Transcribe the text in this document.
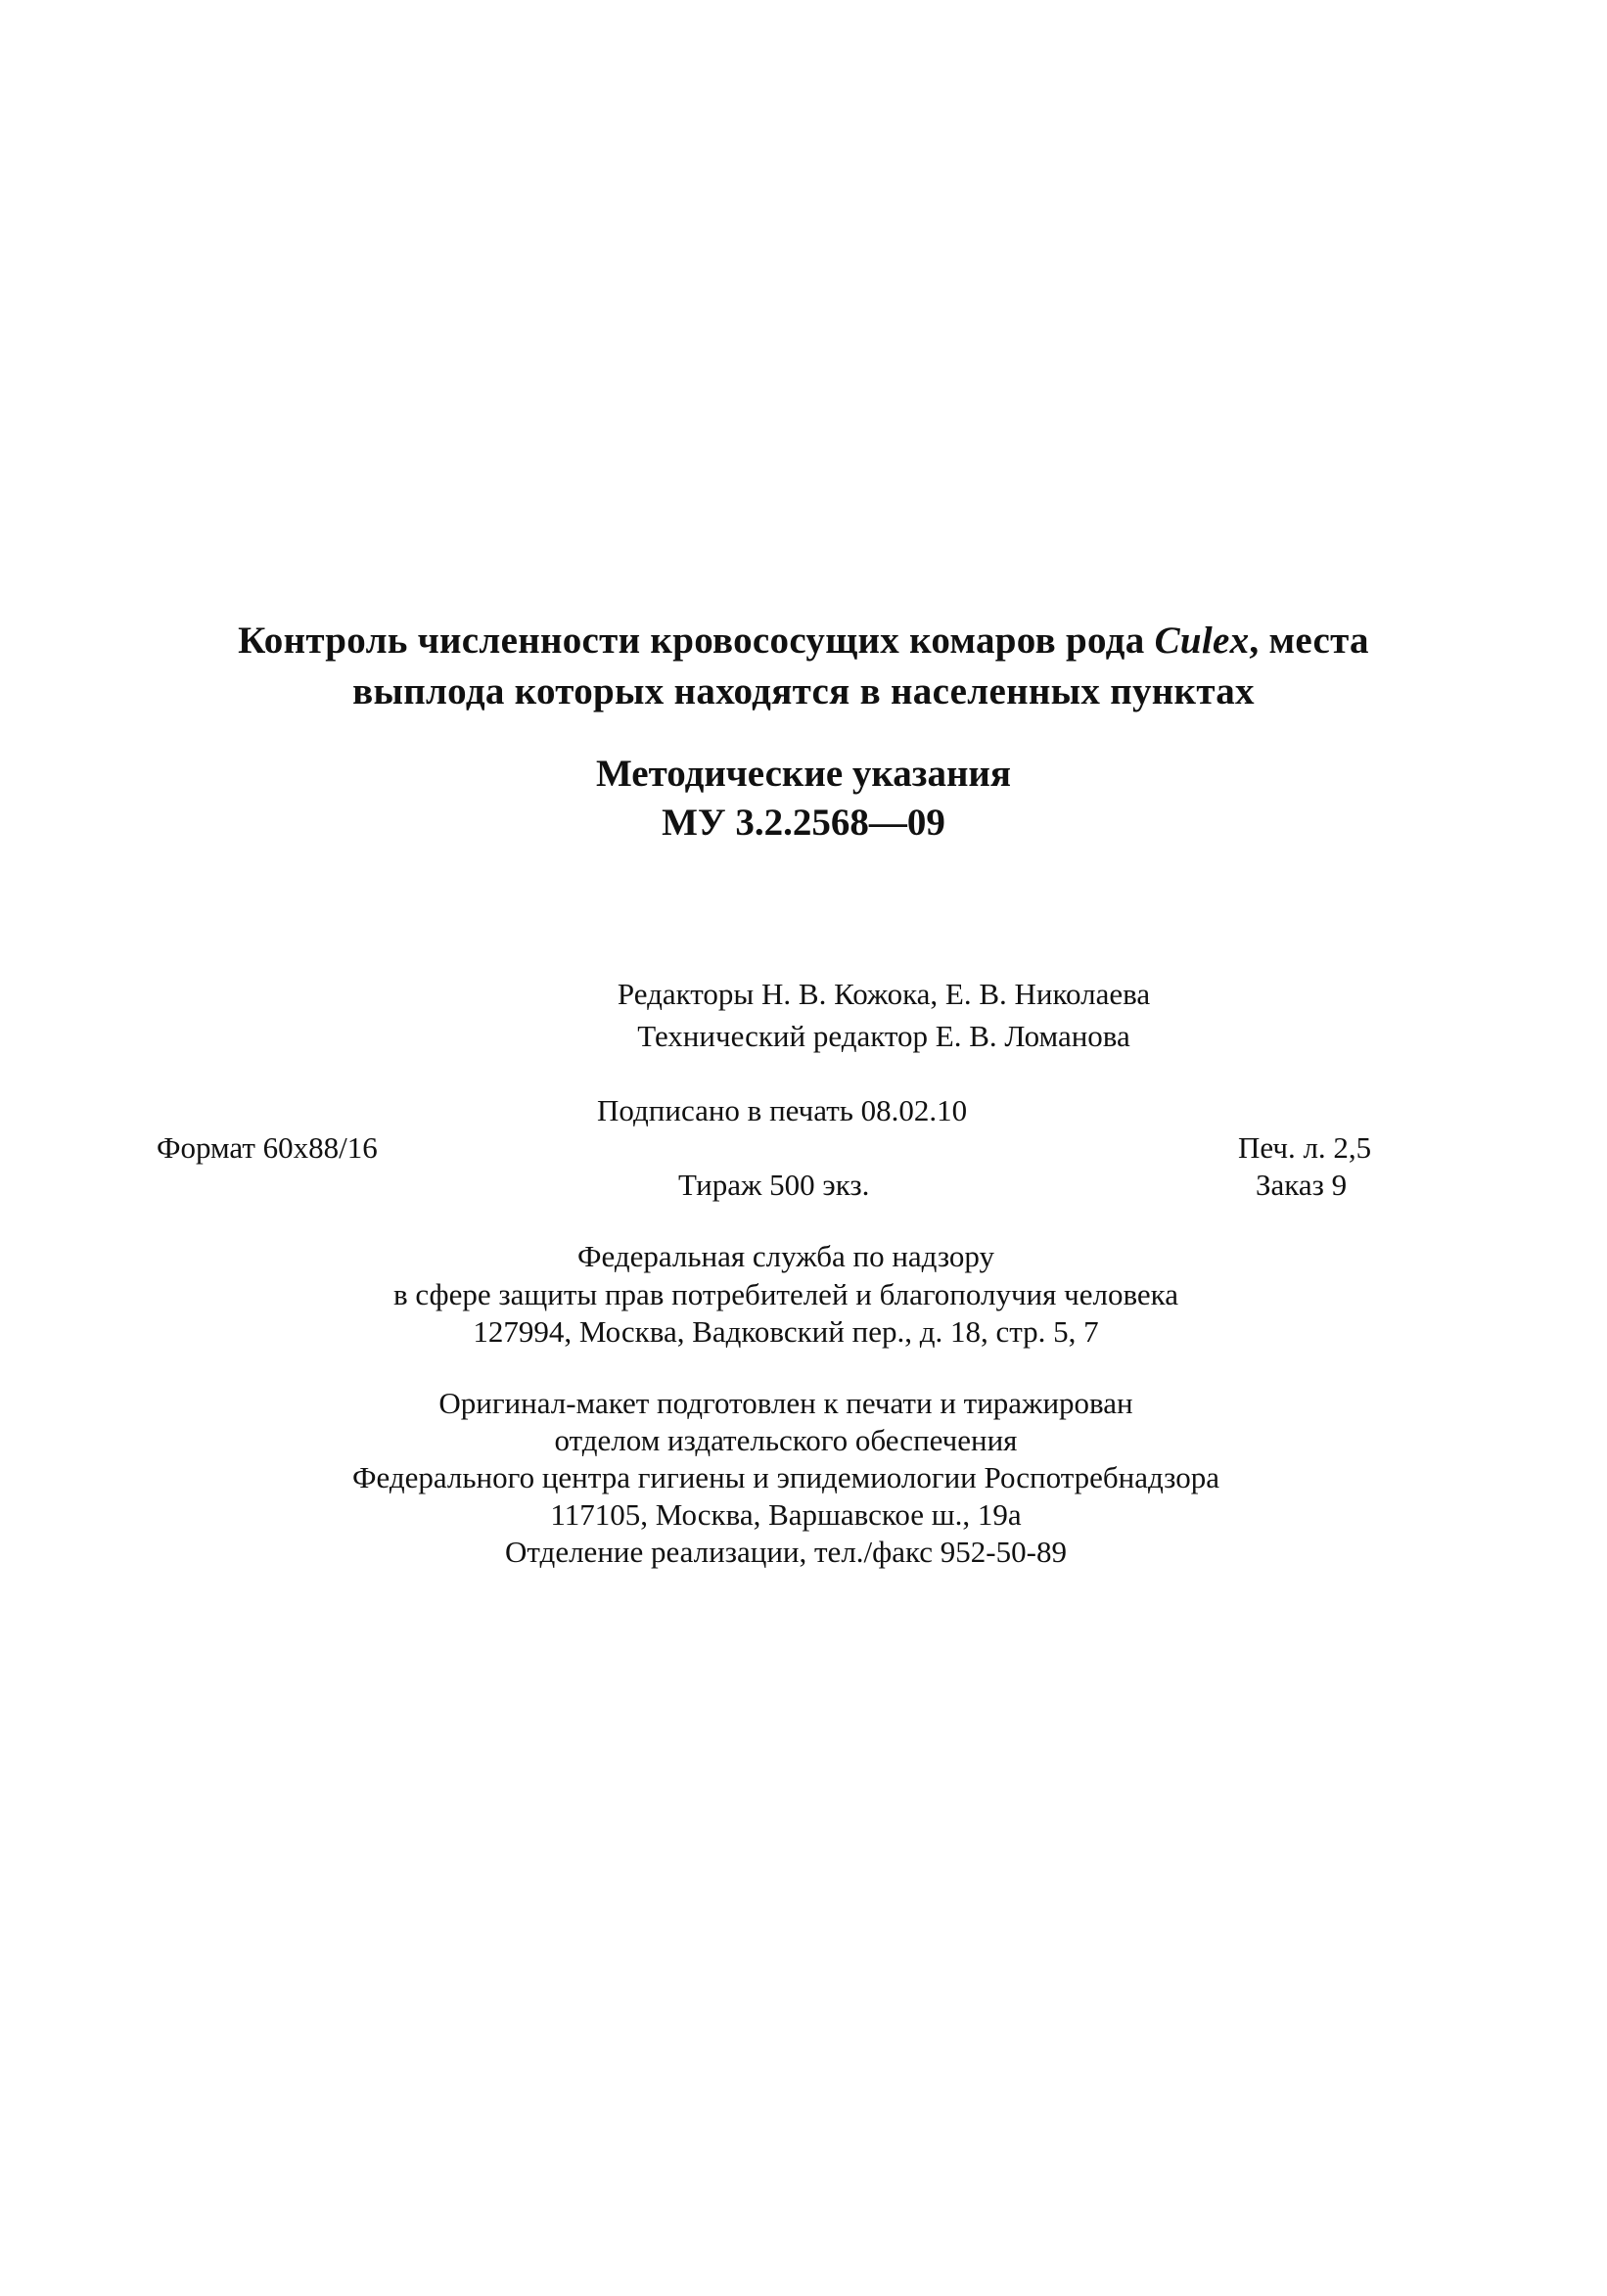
Контроль численности кровососущих комаров рода Culex, места
выплода которых находятся в населенных пунктах
Методические указания
МУ 3.2.2568—09
Редакторы Н. В. Кожока, Е. В. Николаева
Технический редактор Е. В. Ломанова
Подписано в печать 08.02.10
Формат 60x88/16	Печ. л. 2,5
Тираж 500 экз.	Заказ 9
Федеральная служба по надзору
в сфере защиты прав потребителей и благополучия человека
127994, Москва, Вадковский пер., д. 18, стр. 5, 7
Оригинал-макет подготовлен к печати и тиражирован
отделом издательского обеспечения
Федерального центра гигиены и эпидемиологии Роспотребнадзора
117105, Москва, Варшавское ш., 19а
Отделение реализации, тел./факс 952-50-89
